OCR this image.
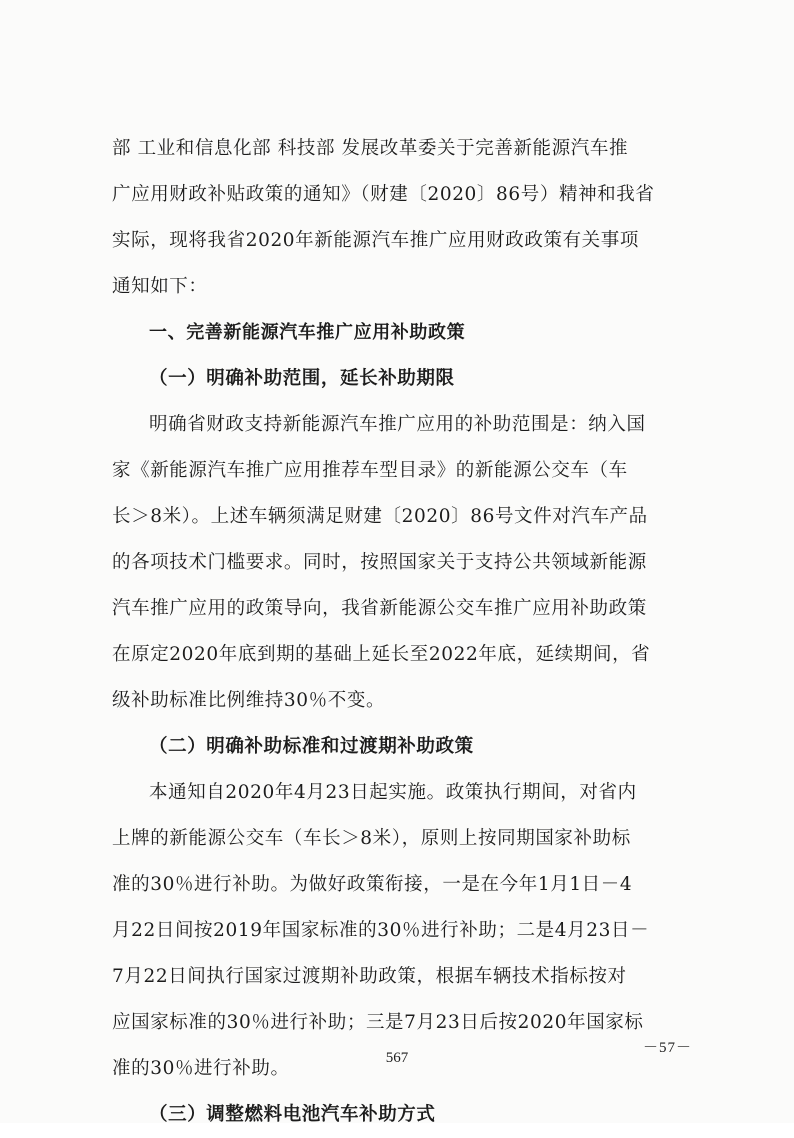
部 工业和信息化部 科技部 发展改革委关于完善新能源汽车推
广应用财政补贴政策的通知》（财建〔2020〕86号）精神和我省
实际，现将我省2020年新能源汽车推广应用财政政策有关事项
通知如下：
一、完善新能源汽车推广应用补助政策
（一）明确补助范围，延长补助期限
明确省财政支持新能源汽车推广应用的补助范围是：纳入国
家《新能源汽车推广应用推荐车型目录》的新能源公交车（车
长＞8米）。上述车辆须满足财建〔2020〕86号文件对汽车产品
的各项技术门槛要求。同时，按照国家关于支持公共领域新能源
汽车推广应用的政策导向，我省新能源公交车推广应用补助政策
在原定2020年底到期的基础上延长至2022年底，延续期间，省
级补助标准比例维持30％不变。
（二）明确补助标准和过渡期补助政策
本通知自2020年4月23日起实施。政策执行期间，对省内
上牌的新能源公交车（车长＞8米），原则上按同期国家补助标
准的30％进行补助。为做好政策衔接，一是在今年1月1日－4
月22日间按2019年国家标准的30％进行补助；二是4月23日－
7月22日间执行国家过渡期补助政策，根据车辆技术指标按对
应国家标准的30％进行补助；三是7月23日后按2020年国家标
准的30％进行补助。
（三）调整燃料电池汽车补助方式
－57－
567
